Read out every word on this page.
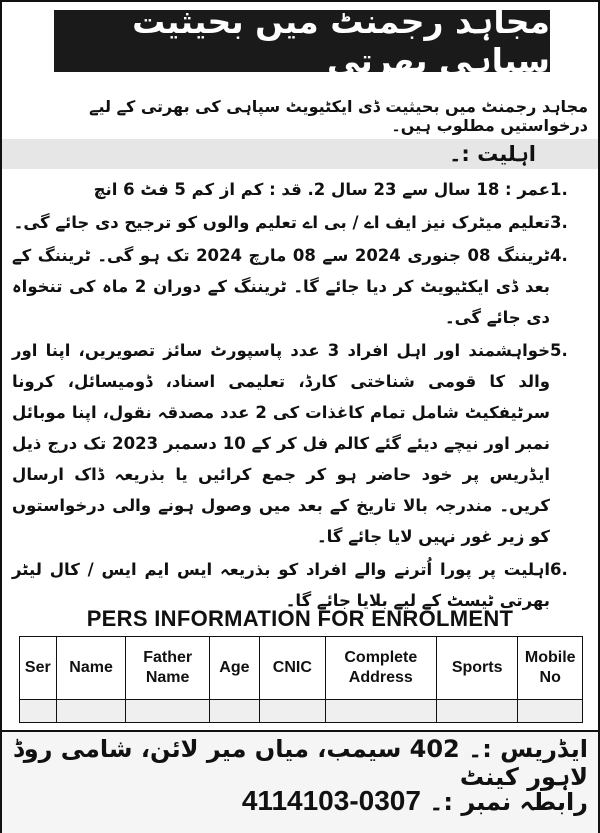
مجاہد رجمنٹ میں بحیثیت سپاہی بھرتی
مجاہد رجمنٹ میں بحیثیت ڈی ایکٹیویٹ سپاہی کی بھرتی کے لیے درخواستیں مطلوب ہیں۔
اہلیت :۔
1.
عمر : 18 سال سے 23 سال 2. قد : کم از کم 5 فٹ 6 انچ
3.
تعلیم میٹرک نیز ایف اے / بی اے تعلیم والوں کو ترجیح دی جائے گی۔
4.
ٹریننگ 08 جنوری 2024 سے 08 مارچ 2024 تک ہو گی۔ ٹریننگ کے بعد ڈی ایکٹیویٹ کر دیا جائے گا۔ ٹریننگ کے دوران 2 ماہ کی تنخواہ دی جائے گی۔
5.
خواہشمند اور اہل افراد 3 عدد پاسپورٹ سائز تصویریں، اپنا اور والد کا قومی شناختی کارڈ، تعلیمی اسناد، ڈومیسائل، کرونا سرٹیفکیٹ شامل تمام کاغذات کی 2 عدد مصدقہ نقول، اپنا موبائل نمبر اور نیچے دیئے گئے کالم فل کر کے 10 دسمبر 2023 تک درج ذیل ایڈریس پر خود حاضر ہو کر جمع کرائیں یا بذریعہ ڈاک ارسال کریں۔ مندرجہ بالا تاریخ کے بعد میں وصول ہونے والی درخواستوں کو زیر غور نہیں لایا جائے گا۔
6.
اہلیت پر پورا اُترنے والے افراد کو بذریعہ ایس ایم ایس / کال لیٹر بھرتی ٹیسٹ کے لیے بلایا جائے گا۔
PERS INFORMATION FOR ENROLMENT
Ser	Name	Father Name	Age	CNIC	Complete Address	Sports	Mobile No

ایڈریس :۔ 402 سیمب، میاں میر لائن، شامی روڈ لاہور کینٹ
رابطہ نمبر :۔ 0307-4114103
